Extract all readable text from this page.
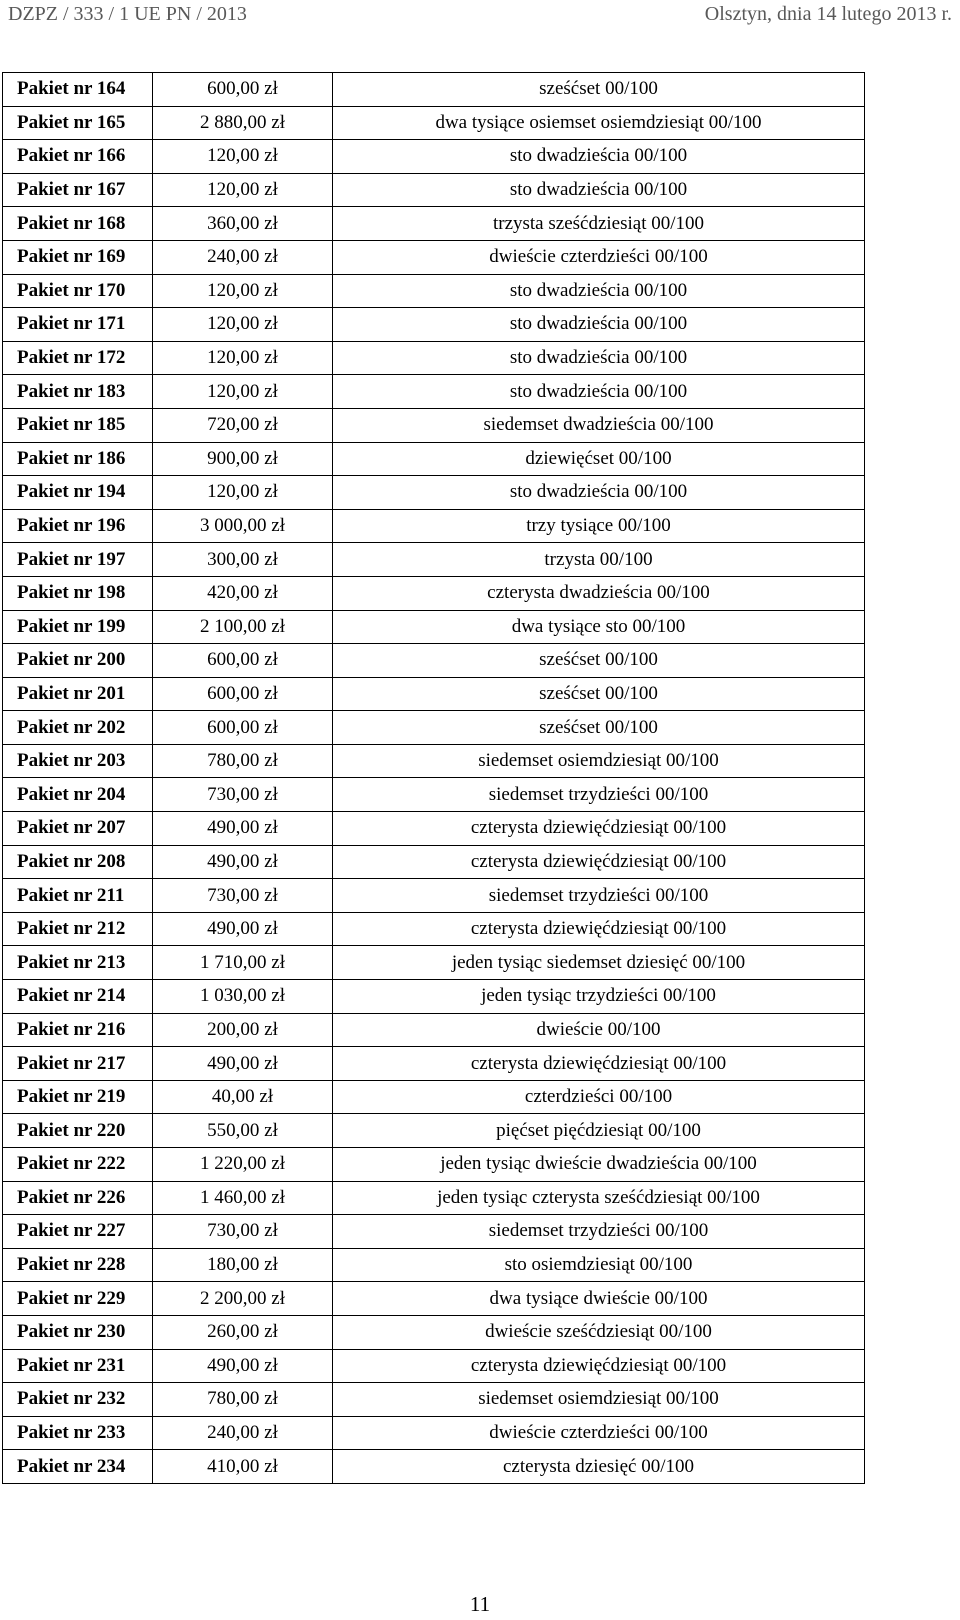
DZPZ / 333 / 1 UE PN / 2013	Olsztyn, dnia 14 lutego 2013 r.
Pakiet nr 164	600,00 zł	sześćset 00/100
Pakiet nr 165	2 880,00 zł	dwa tysiące osiemset osiemdziesiąt 00/100
Pakiet nr 166	120,00 zł	sto dwadzieścia 00/100
Pakiet nr 167	120,00 zł	sto dwadzieścia 00/100
Pakiet nr 168	360,00 zł	trzysta sześćdziesiąt 00/100
Pakiet nr 169	240,00 zł	dwieście czterdzieści 00/100
Pakiet nr 170	120,00 zł	sto dwadzieścia 00/100
Pakiet nr 171	120,00 zł	sto dwadzieścia 00/100
Pakiet nr 172	120,00 zł	sto dwadzieścia 00/100
Pakiet nr 183	120,00 zł	sto dwadzieścia 00/100
Pakiet nr 185	720,00 zł	siedemset dwadzieścia 00/100
Pakiet nr 186	900,00 zł	dziewięćset 00/100
Pakiet nr 194	120,00 zł	sto dwadzieścia 00/100
Pakiet nr 196	3 000,00 zł	trzy tysiące 00/100
Pakiet nr 197	300,00 zł	trzysta 00/100
Pakiet nr 198	420,00 zł	czterysta dwadzieścia 00/100
Pakiet nr 199	2 100,00 zł	dwa tysiące sto 00/100
Pakiet nr 200	600,00 zł	sześćset 00/100
Pakiet nr 201	600,00 zł	sześćset 00/100
Pakiet nr 202	600,00 zł	sześćset 00/100
Pakiet nr 203	780,00 zł	siedemset osiemdziesiąt 00/100
Pakiet nr 204	730,00 zł	siedemset trzydzieści 00/100
Pakiet nr 207	490,00 zł	czterysta dziewięćdziesiąt 00/100
Pakiet nr 208	490,00 zł	czterysta dziewięćdziesiąt 00/100
Pakiet nr 211	730,00 zł	siedemset trzydzieści 00/100
Pakiet nr 212	490,00 zł	czterysta dziewięćdziesiąt 00/100
Pakiet nr 213	1 710,00 zł	jeden tysiąc siedemset dziesięć 00/100
Pakiet nr 214	1 030,00 zł	jeden tysiąc trzydzieści 00/100
Pakiet nr 216	200,00 zł	dwieście 00/100
Pakiet nr 217	490,00 zł	czterysta dziewięćdziesiąt 00/100
Pakiet nr 219	40,00 zł	czterdzieści 00/100
Pakiet nr 220	550,00 zł	pięćset pięćdziesiąt 00/100
Pakiet nr 222	1 220,00 zł	jeden tysiąc dwieście dwadzieścia 00/100
Pakiet nr 226	1 460,00 zł	jeden tysiąc czterysta sześćdziesiąt 00/100
Pakiet nr 227	730,00 zł	siedemset trzydzieści 00/100
Pakiet nr 228	180,00 zł	sto osiemdziesiąt 00/100
Pakiet nr 229	2 200,00 zł	dwa tysiące dwieście 00/100
Pakiet nr 230	260,00 zł	dwieście sześćdziesiąt 00/100
Pakiet nr 231	490,00 zł	czterysta dziewięćdziesiąt 00/100
Pakiet nr 232	780,00 zł	siedemset osiemdziesiąt 00/100
Pakiet nr 233	240,00 zł	dwieście czterdzieści 00/100
Pakiet nr 234	410,00 zł	czterysta dziesięć 00/100
11
